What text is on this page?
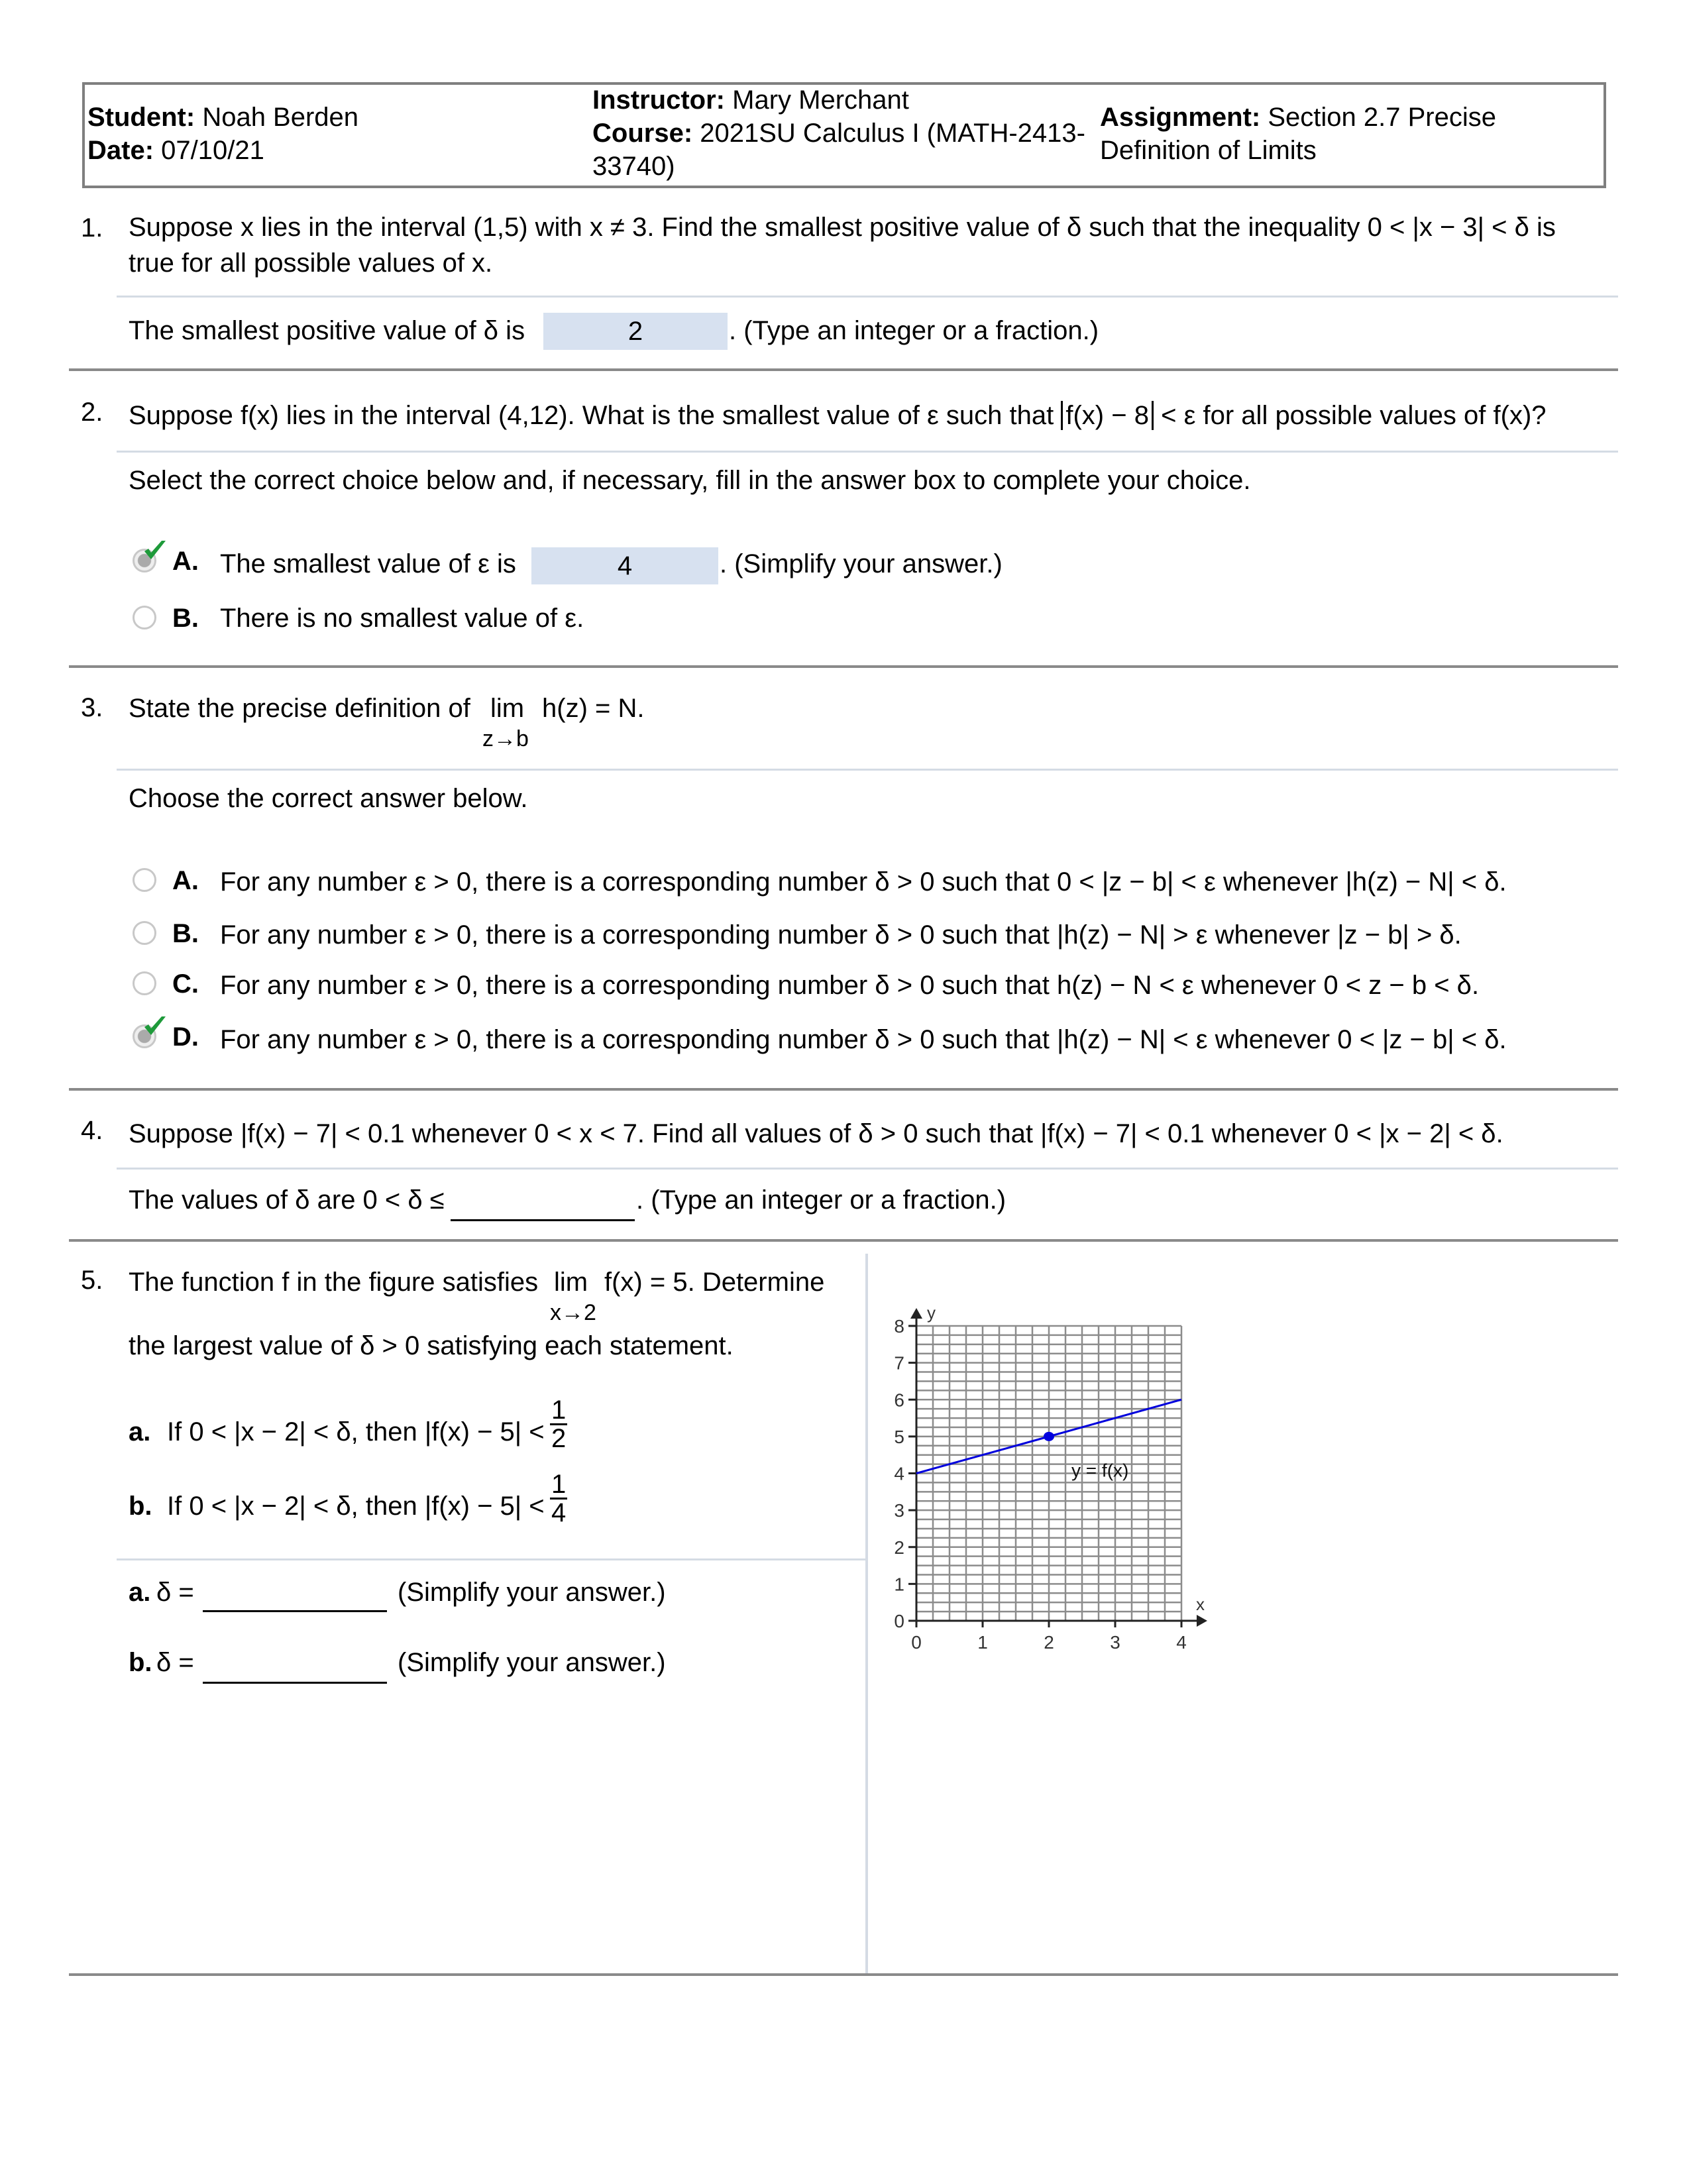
Student: Noah Berden
Date: 07/10/21
Instructor: Mary Merchant
Course: 2021SU Calculus I (MATH-2413-
33740)
Assignment: Section 2.7 Precise
Definition of Limits
1. Suppose x lies in the interval (1,5) with x ≠ 3. Find the smallest positive value of δ such that the inequality 0 < |x − 3| < δ is
true for all possible values of x.
The smallest positive value of δ is	2	. (Type an integer or a fraction.)
2. Suppose f(x) lies in the interval (4,12). What is the smallest value of ε such that f(x) − 8 < ε for all possible values of f(x)?
Select the correct choice below and, if necessary, fill in the answer box to complete your choice.
A. The smallest value of ε is	4	. (Simplify your answer.)
B. There is no smallest value of ε.
3. State the precise definition of lim
z→b
h(z) = N.
Choose the correct answer below.
A. For any number ε > 0, there is a corresponding number δ > 0 such that 0 < |z − b| < ε whenever |h(z) − N| < δ.
B. For any number ε > 0, there is a corresponding number δ > 0 such that |h(z) − N| > ε whenever |z − b| > δ.
C. For any number ε > 0, there is a corresponding number δ > 0 such that h(z) − N < ε whenever 0 < z − b < δ.
D. For any number ε > 0, there is a corresponding number δ > 0 such that |h(z) − N| < ε whenever 0 < |z − b| < δ.
4. Suppose |f(x) − 7| < 0.1 whenever 0 < x < 7. Find all values of δ > 0 such that |f(x) − 7| < 0.1 whenever 0 < |x − 2| < δ.
The values of δ are 0 < δ ≤	. (Type an integer or a fraction.)
5. The function f in the figure satisfies lim
x→2
f(x) = 5. Determine
the largest value of δ > 0 satisfying each statement.
a. If 0 < |x − 2| < δ, then $|f(x) - 5| < \frac{1}{2}$
b. If 0 < |x − 2| < δ, then $|f(x) - 5| < \frac{1}{4}$
a. δ =	(Simplify your answer.)
b. δ =	(Simplify your answer.)
0
1
2
3
4
5
6
7
8
0	1	2	3	4
x
y
y = f(x)
